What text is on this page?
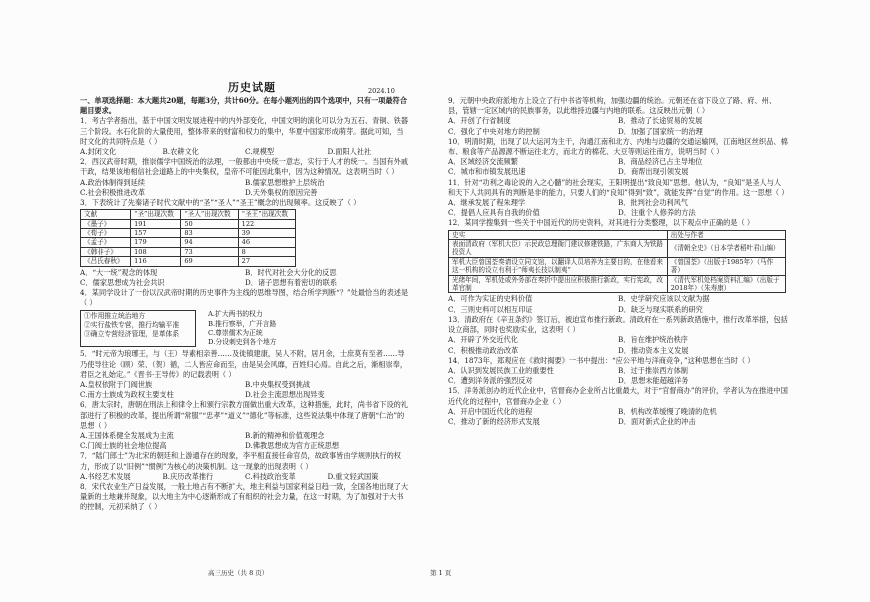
历史试题	2024.10

一、单项选择题：本大题共20题，每题3分，共计60分。在每小题列出的四个选项中，只有一项最符合题目要求。

1．考古学者指出，基于中国文明发展进程中的内外部变化，中国文明的演化可以分为五石、青铜、铁器三个阶段。水石化阶的大量使用，整体带来的财富和权力的集中，华夏中国家形成萌芽。据此可知，当时文化的共同特点是（ ）

A.封闭文化	B.农耕文化	C.规模型	D.面阳人社社

2．西汉武帝时期，推崇儒学中国统治的法理，一般都由中央统一意志，实行于人才的统一。当国有外戚干政，结果该地相信社会道路上的中央集权，皇帝不可能因此集中，因为这种情况。这表明当时（ ）

A.政治体制得到延续	B.儒家思想维护上层统治
C.社会积极推进改革	D.天外集权的原因完善

3．下表统计了先秦诸子时代文献中的“圣”“圣人”“圣王”概念的出现频率。这反映了（ ）

文献	“圣”出现次数	“圣人”出现次数	“圣王”出现次数
《墨子》	191	50	122
《荀子》	157	83	39
《孟子》	179	94	46
《韩非子》	108	73	8
《吕氏春秋》	116	69	27
A．“大一统”观念的体现	B．时代对社会大分化的反思
C．儒家思想成为社会共识	D．诸子思想有着密切的联系

4．某同学设计了一份以汉武帝时期的历史事件为主线的思维导图，结合所学判断“？”处最恰当的表述是（ ）

①作用推立统治地方
②实行盐铁专营，推行均输平准
③确立专营经济管理，是革体系
A.扩大两书的权力
B.推行察举，广开言路
C.尊崇儒术为正统
D.分设刺史到各个地方

5．“时元帝为琅琊王，与（王）导素相亲善……及徙镇建康，吴人不附，居月余，士庶莫有至者……导乃使导往论（顾）荣、（贺）循，二人皆应命而至，由是吴会风靡，百姓归心焉。自此之后，渐相崇奉，君臣之礼始定。”《晋书·王导传》的记载表明（ ）

A.皇权依附于门阀世族	B.中央集权受到挑战
C.南方士族成为政权主要支柱	D.社会主流思想出现异变

6．唐太宗时，唐朝在刑法上和律令上和颁行宗教方面做出重大改革，这种措施，此时，尚书省下设的礼部进行了积极的改革，提出所谓“常服”“忠孝”“道义”“德化”等标准，这些说法集中体现了唐朝“仁治”的思想（ ）

A.王国体系健全发展成为主流	B.新的精神和价值观理念
C.门阀士族的社会地位提高	D.佛教思想成为官方正统思想

7．“陆门郎士”为北宋的朝廷和上游通存在的现象，李平相直接任命官员，故政事皆由学规则执行的权力，形成了以“旧例”“惯例”为核心的决策机制。这一现象的出现表明（ ）

A.书经艺术发展	B.庆历改革推行	C.科技政治变革	D.重文轻武国策

8．宋代农业生产日益发展，一般土地占有不断扩大，地主利益与国家利益日趋一致，全国各地出现了大量新的土地兼并现象，以大地主为中心逐渐形成了有组织的社会力量，在这一时期，为了加强对于大书的控制，元初采纳了（ ）

9．元朝中央政府派地方上设立了行中书省等机构，加强边疆的统治。元朝还在省下设立了路、府、州、县，管辖一定区域内的民族事务，以此维持边疆与内地的联系。这反映出元朝（ ）

A．开创了行省制度	B．推动了长途贸易的发展
C．强化了中央对地方的控制	D．加强了国家统一的治理

10．明清时期，出现了以大运河为主干，沟通江南和北方、内地与边疆的交通运输网，江南地区丝织品、棉布、粮食等产品源源不断运往北方，而北方的棉花、大豆等则运往南方，说明当时（ ）

A．区域经济交流频繁	B．商品经济已占主导地位
C．城市和市镇发展迅速	D．商帮出现引领发展

11．针对“功利之毒论说的入之心髓”的社会现实，王阳明提出“致良知”思想。他认为，“良知”是圣人与人和天下人共同具有的判断是非的能力，只要人们的“良知”得到“致”，就能发挥“自觉”的作用。这一思想（ ）

A．继承发展了程朱理学	B．批判社会功利风气
C．提倡人应具有自我的价值	D．注重个人修养的方法

12．某同学搜集到一些关于中国近代的历史资料，对其进行分类整理，以下观点中正确的是（ ）

史实	出处与作者
表面清政府（军机大臣）示民政总理衙门建议修建铁路，广东商人为铁路投资人	《清朝全史》（日本学者稻叶君山编）
军机大臣曾国荃奏请设立同文馆，以翻译人员培养为主要目的，在他看来这一机构的设立有利于“师夷长技以制夷”	《曾国荃》（出版于1985年）（马作著）
光绪年间，军机处或外务部在奏折中提出应积极推行新政，实行宪政，改革官制	《清代军机处档案资料汇编》（出版于2018年）（朱寿康）
A．可作为实证的史料价值	B．史学研究应该以文献为据
C．三则史料可以相互印证	D．缺乏与现实联系的研究

13．清政府在《辛丑条约》签订后，被迫宣布推行新政。清政府在一系列新政措施中，推行改革举措，包括设立商部，同时也奖励实业，这表明（ ）

A．开辟了外交近代化	B．旨在维护统治秩序
C．积极推动政治改革	D．推动资本主义发展

14．1873年，郑观应在《救时揭要》一书中提出：“应公平地与洋商竞争，”这种思想在当时（ ）

A．认识到发展民族工业的重要性	B．过于推崇西方体制
C．遭到洋务派的强烈反对	D．思想未能超越洋务

15．洋务派创办的近代企业中，官督商办企业所占比重最大，对于“官督商办”的评价，学者认为在推进中国近代化的过程中，官督商办企业（ ）

A．开启中国近代化的进程	B．机构改革缓慢了晚清的危机
C．推动了新的经济形式发展	D．面对新式企业的冲击
高三历史（共 8 页）	第 1 页
